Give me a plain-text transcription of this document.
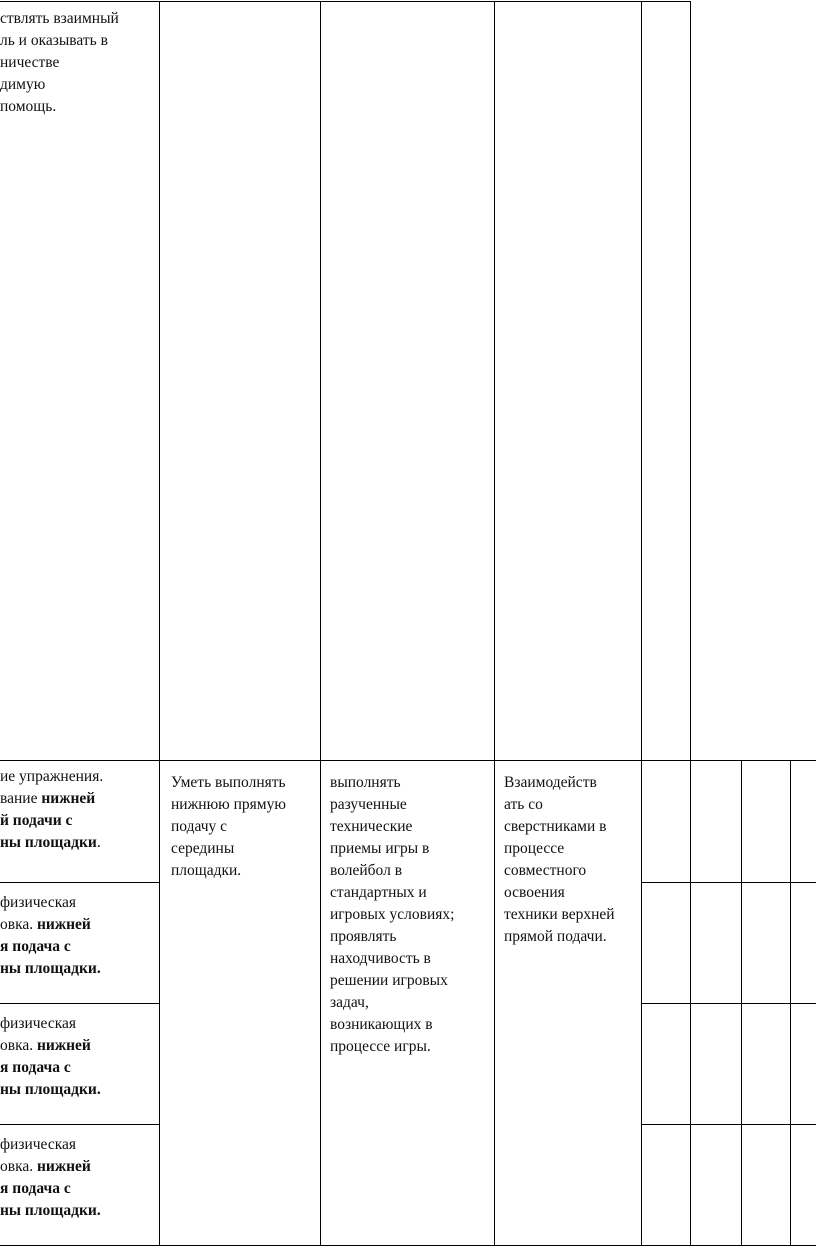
ствлять взаимный
ль и оказывать в
ничестве
димую
помощь.
ие упражнения.
вание нижней
й подачи с
ны площадки.
физическая
овка. нижней
я подача с
ны площадки.
физическая
овка. нижней
я подача с
ны площадки.
физическая
овка. нижней
я подача с
ны площадки.
Уметь выполнять
нижнюю прямую
подачу с
середины
площадки.
выполнять
разученные
технические
приемы игры в
волейбол в
стандартных и
игровых условиях;
проявлять
находчивость в
решении игровых
задач,
возникающих в
процессе игры.
Взаимодейств
ать со
сверстниками в
процессе
совместного
освоения
техники верхней
прямой подачи.
